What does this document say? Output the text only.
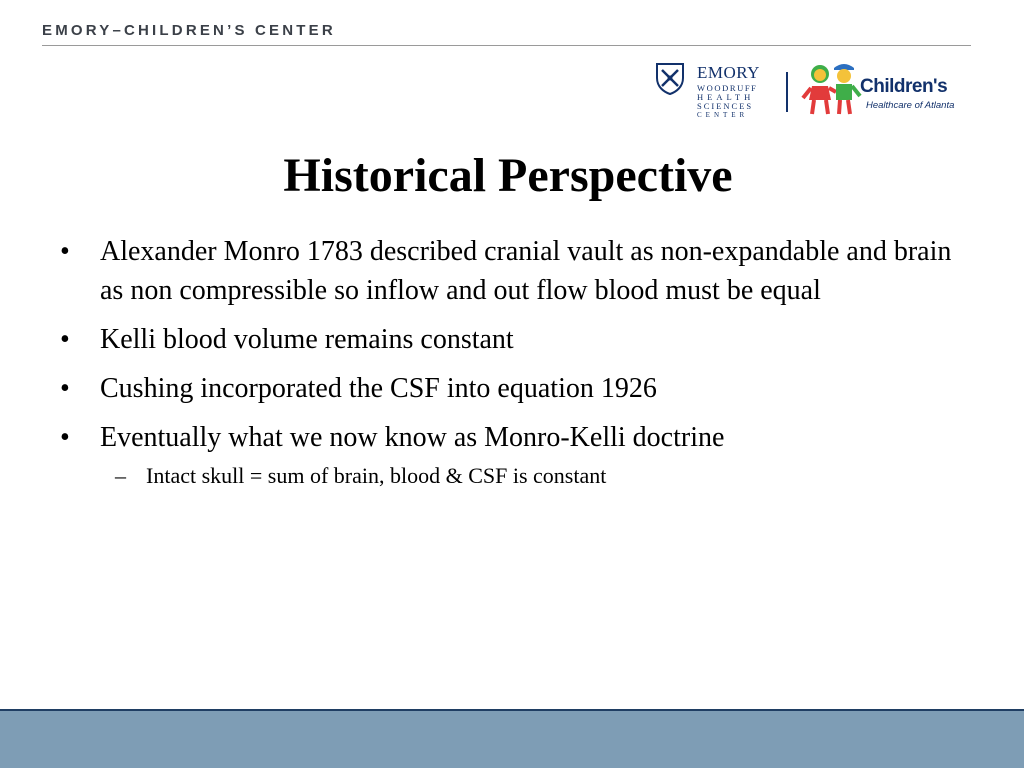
EMORY–CHILDREN’S CENTER
EMORY
WOODRUFF
HEALTH
SCIENCES
CENTER
Children's
Healthcare of Atlanta
Historical Perspective
• Alexander Monro 1783 described cranial vault as non-expandable and brain as non compressible so inflow and out flow blood must be equal
• Kelli blood volume remains constant
• Cushing incorporated the CSF into equation 1926
• Eventually what we now know as Monro-Kelli doctrine
– Intact skull = sum of brain, blood & CSF is constant
